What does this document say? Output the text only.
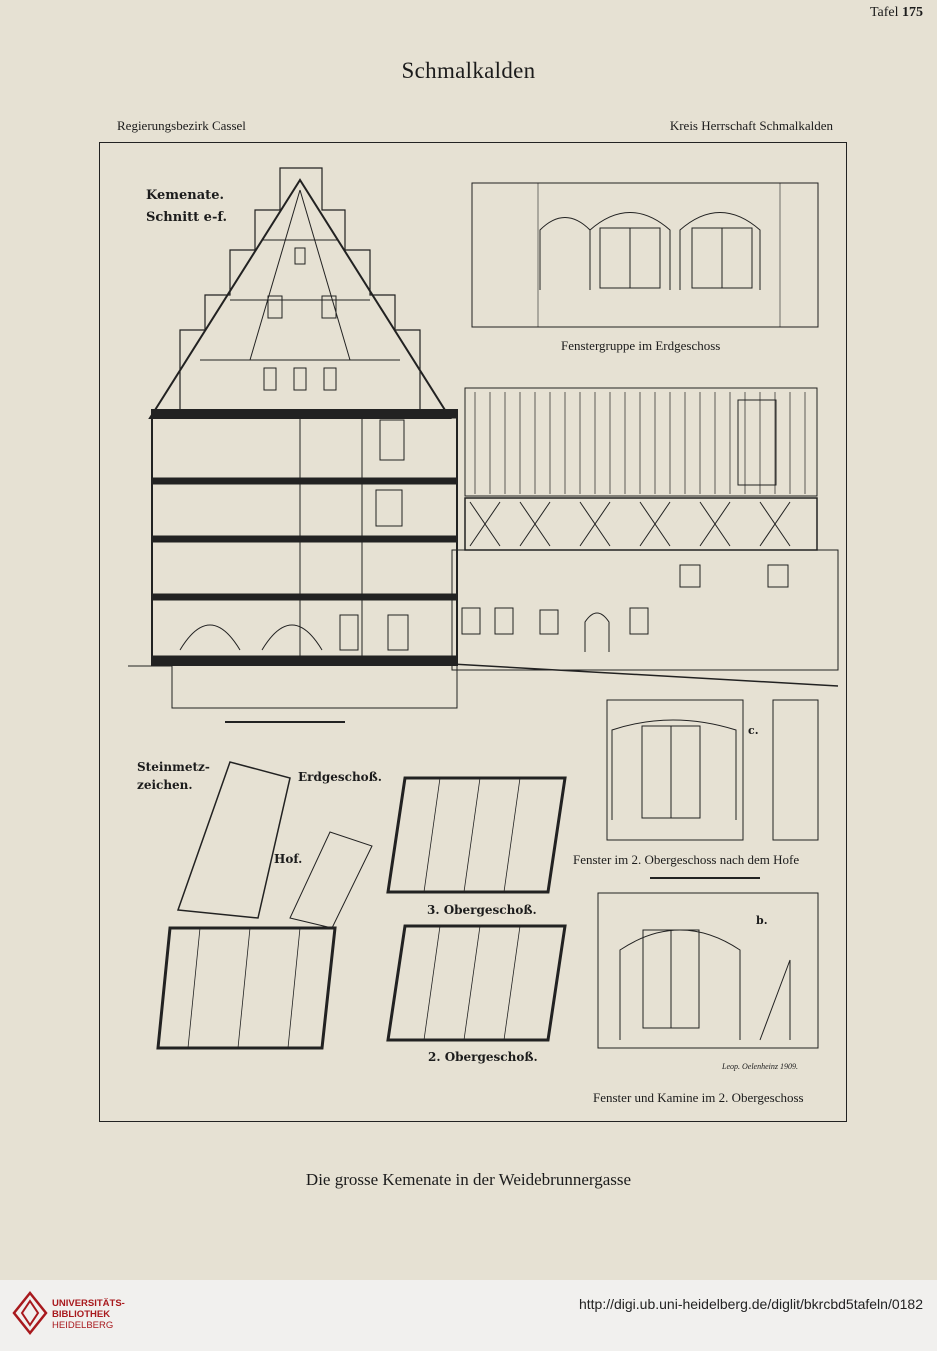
Tafel 175
Schmalkalden
Regierungsbezirk Cassel	Kreis Herrschaft Schmalkalden
Kemenate.
Schnitt e-f.
Steinmetz-
zeichen.
Erdgeschoß.
Hof.
3. Obergeschoß.
2. Obergeschoß.
c.
b.
Leop. Oelenheinz 1909.
Fenstergruppe im Erdgeschoss
Fenster im 2. Obergeschoss nach dem Hofe
Fenster und Kamine im 2. Obergeschoss
Die grosse Kemenate in der Weidebrunnergasse
UNIVERSITÄTS-
BIBLIOTHEK
HEIDELBERG
http://digi.ub.uni-heidelberg.de/diglit/bkrcbd5tafeln/0182
